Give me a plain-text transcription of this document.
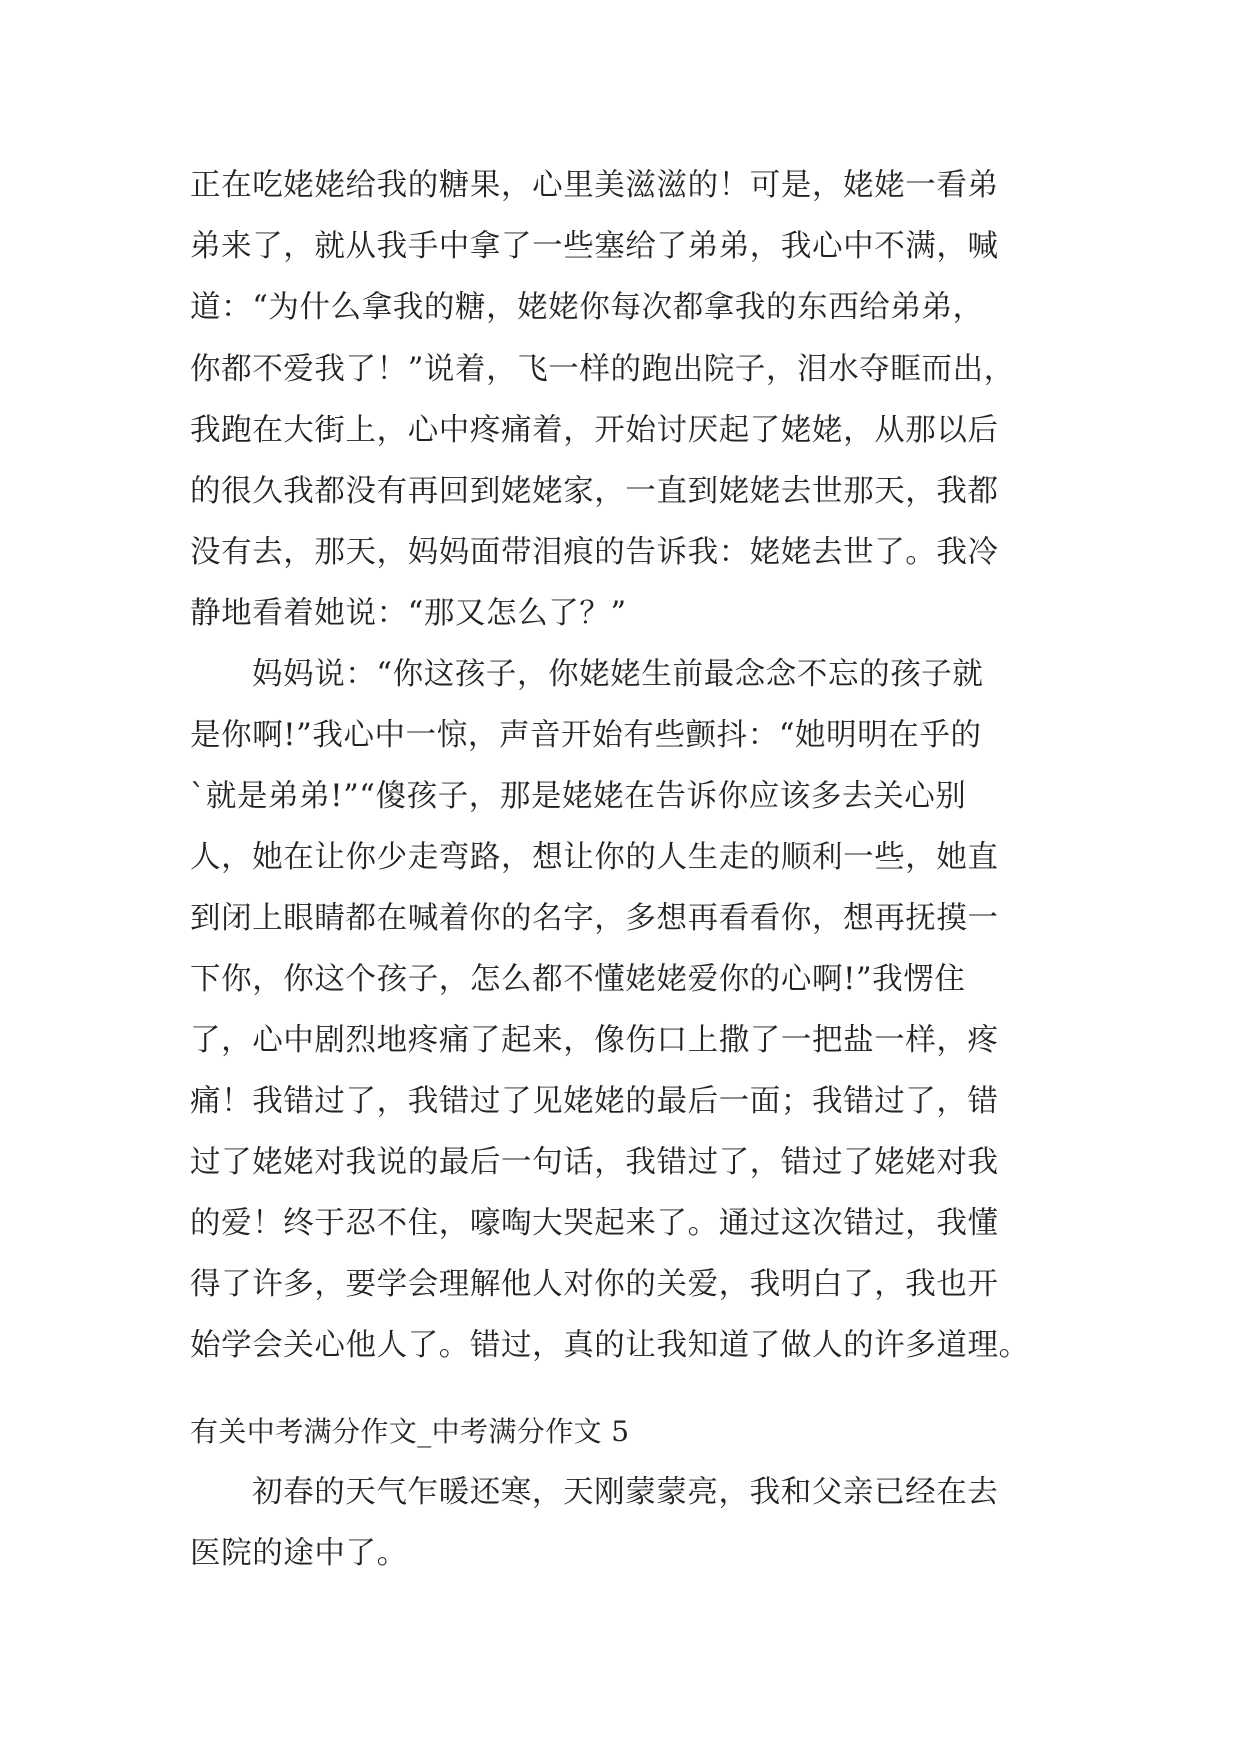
正在吃姥姥给我的糖果，心里美滋滋的！可是，姥姥一看弟
弟来了，就从我手中拿了一些塞给了弟弟，我心中不满，喊
道：“为什么拿我的糖，姥姥你每次都拿我的东西给弟弟，
你都不爱我了！”说着，飞一样的跑出院子，泪水夺眶而出，
我跑在大街上，心中疼痛着，开始讨厌起了姥姥，从那以后
的很久我都没有再回到姥姥家，一直到姥姥去世那天，我都
没有去，那天，妈妈面带泪痕的告诉我：姥姥去世了。我冷
静地看着她说：“那又怎么了？”
妈妈说：“你这孩子，你姥姥生前最念念不忘的孩子就
是你啊!”我心中一惊，声音开始有些颤抖：“她明明在乎的
`就是弟弟!”“傻孩子，那是姥姥在告诉你应该多去关心别
人，她在让你少走弯路，想让你的人生走的顺利一些，她直
到闭上眼睛都在喊着你的名字，多想再看看你，想再抚摸一
下你，你这个孩子，怎么都不懂姥姥爱你的心啊!”我愣住
了，心中剧烈地疼痛了起来，像伤口上撒了一把盐一样，疼
痛！我错过了，我错过了见姥姥的最后一面；我错过了，错
过了姥姥对我说的最后一句话，我错过了，错过了姥姥对我
的爱！终于忍不住，嚎啕大哭起来了。通过这次错过，我懂
得了许多，要学会理解他人对你的关爱，我明白了，我也开
始学会关心他人了。错过，真的让我知道了做人的许多道理。
有关中考满分作文_中考满分作文 5
初春的天气乍暖还寒，天刚蒙蒙亮，我和父亲已经在去
医院的途中了。
